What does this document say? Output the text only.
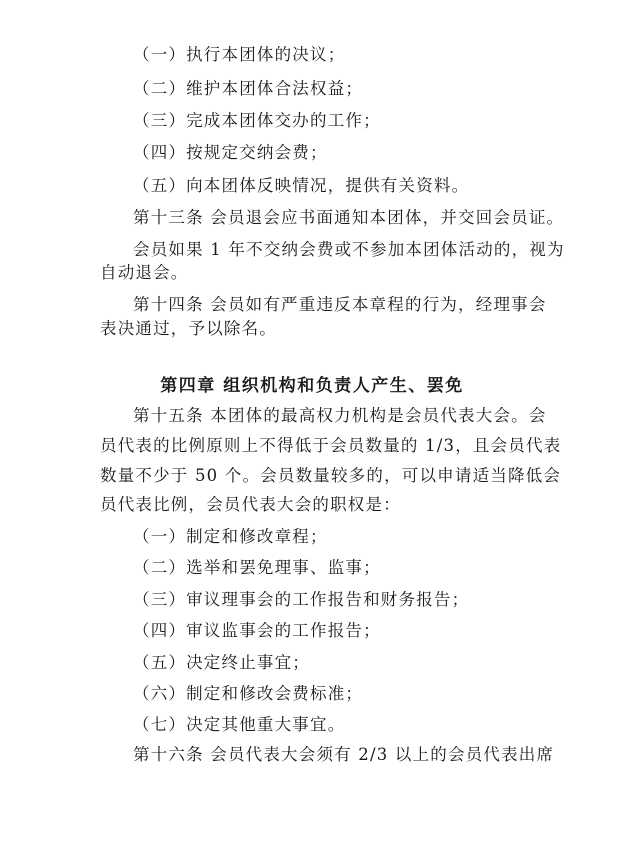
（一）执行本团体的决议；
（二）维护本团体合法权益；
（三）完成本团体交办的工作；
（四）按规定交纳会费；
（五）向本团体反映情况，提供有关资料。
第十三条 会员退会应书面通知本团体，并交回会员证。
会员如果 1 年不交纳会费或不参加本团体活动的，视为
自动退会。
第十四条 会员如有严重违反本章程的行为，经理事会
表决通过，予以除名。
第四章 组织机构和负责人产生、罢免
第十五条 本团体的最高权力机构是会员代表大会。会
员代表的比例原则上不得低于会员数量的 1/3，且会员代表
数量不少于 50 个。会员数量较多的，可以申请适当降低会
员代表比例，会员代表大会的职权是：
（一）制定和修改章程；
（二）选举和罢免理事、监事；
（三）审议理事会的工作报告和财务报告；
（四）审议监事会的工作报告；
（五）决定终止事宜；
（六）制定和修改会费标准；
（七）决定其他重大事宜。
第十六条 会员代表大会须有 2/3 以上的会员代表出席
